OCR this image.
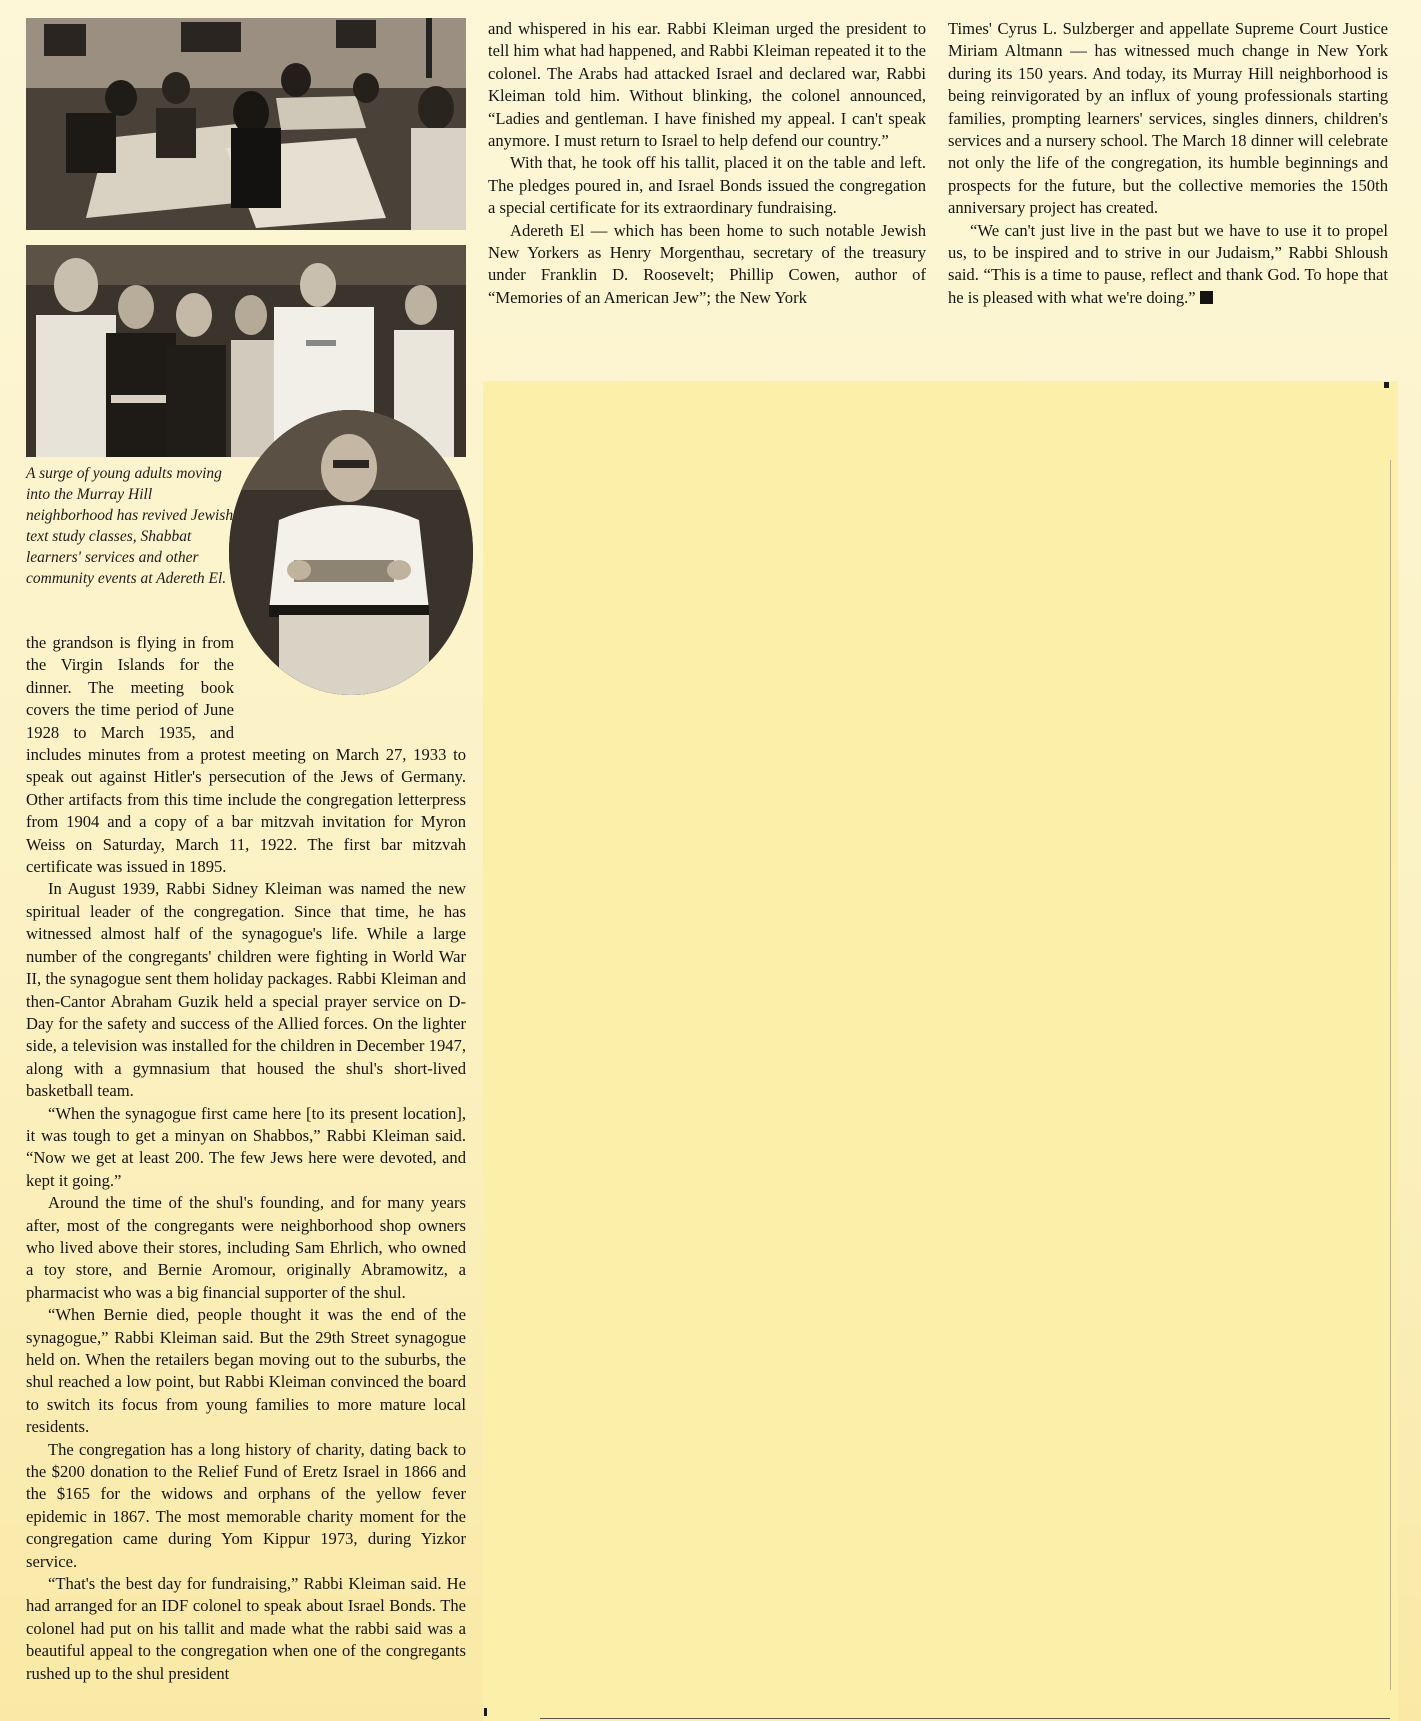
A surge of young adults moving into the Murray Hill neighborhood has revived Jewish text study classes, Shabbat learners' services and other community events at Adereth El.

the grandson is flying in from the Virgin Islands for the dinner. The meeting book covers the time period of June 1928 to March 1935, and includes minutes from a protest meeting on March 27, 1933 to speak out against Hitler's persecution of the Jews of Germany. Other artifacts from this time include the congregation letterpress from 1904 and a copy of a bar mitzvah invitation for Myron Weiss on Saturday, March 11, 1922. The first bar mitzvah certificate was issued in 1895.

In August 1939, Rabbi Sidney Kleiman was named the new spiritual leader of the congregation. Since that time, he has witnessed almost half of the synagogue's life. While a large number of the congregants' children were fighting in World War II, the synagogue sent them holiday packages. Rabbi Kleiman and then-Cantor Abraham Guzik held a special prayer service on D-Day for the safety and success of the Allied forces. On the lighter side, a television was installed for the children in December 1947, along with a gymnasium that housed the shul's short-lived basketball team.

“When the synagogue first came here [to its present location], it was tough to get a minyan on Shabbos,” Rabbi Kleiman said. “Now we get at least 200. The few Jews here were devoted, and kept it going.”

Around the time of the shul's founding, and for many years after, most of the congregants were neighborhood shop owners who lived above their stores, including Sam Ehrlich, who owned a toy store, and Bernie Aromour, originally Abramowitz, a pharmacist who was a big financial supporter of the shul.

“When Bernie died, people thought it was the end of the synagogue,” Rabbi Kleiman said. But the 29th Street synagogue held on. When the retailers began moving out to the suburbs, the shul reached a low point, but Rabbi Kleiman convinced the board to switch its focus from young families to more mature local residents.

The congregation has a long history of charity, dating back to the $200 donation to the Relief Fund of Eretz Israel in 1866 and the $165 for the widows and orphans of the yellow fever epidemic in 1867. The most memorable charity moment for the congregation came during Yom Kippur 1973, during Yizkor service.

“That's the best day for fundraising,” Rabbi Kleiman said. He had arranged for an IDF colonel to speak about Israel Bonds. The colonel had put on his tallit and made what the rabbi said was a beautiful appeal to the congregation when one of the congregants rushed up to the shul president

and whispered in his ear. Rabbi Kleiman urged the president to tell him what had happened, and Rabbi Kleiman repeated it to the colonel. The Arabs had attacked Israel and declared war, Rabbi Kleiman told him. Without blinking, the colonel announced, “Ladies and gentleman. I have finished my appeal. I can't speak anymore. I must return to Israel to help defend our country.”

With that, he took off his tallit, placed it on the table and left. The pledges poured in, and Israel Bonds issued the congregation a special certificate for its extraordinary fundraising.

Adereth El — which has been home to such notable Jewish New Yorkers as Henry Morgenthau, secretary of the treasury under Franklin D. Roosevelt; Phillip Cowen, author of “Memories of an American Jew”; the New York

Times' Cyrus L. Sulzberger and appellate Supreme Court Justice Miriam Altmann — has witnessed much change in New York during its 150 years. And today, its Murray Hill neighborhood is being reinvigorated by an influx of young professionals starting families, prompting learners' services, singles dinners, children's services and a nursery school. The March 18 dinner will celebrate not only the life of the congregation, its humble beginnings and prospects for the future, but the collective memories the 150th anniversary project has created.

“We can't just live in the past but we have to use it to propel us, to be inspired and to strive in our Judaism,” Rabbi Shloush said. “This is a time to pause, reflect and thank God. To hope that he is pleased with what we're doing.”
